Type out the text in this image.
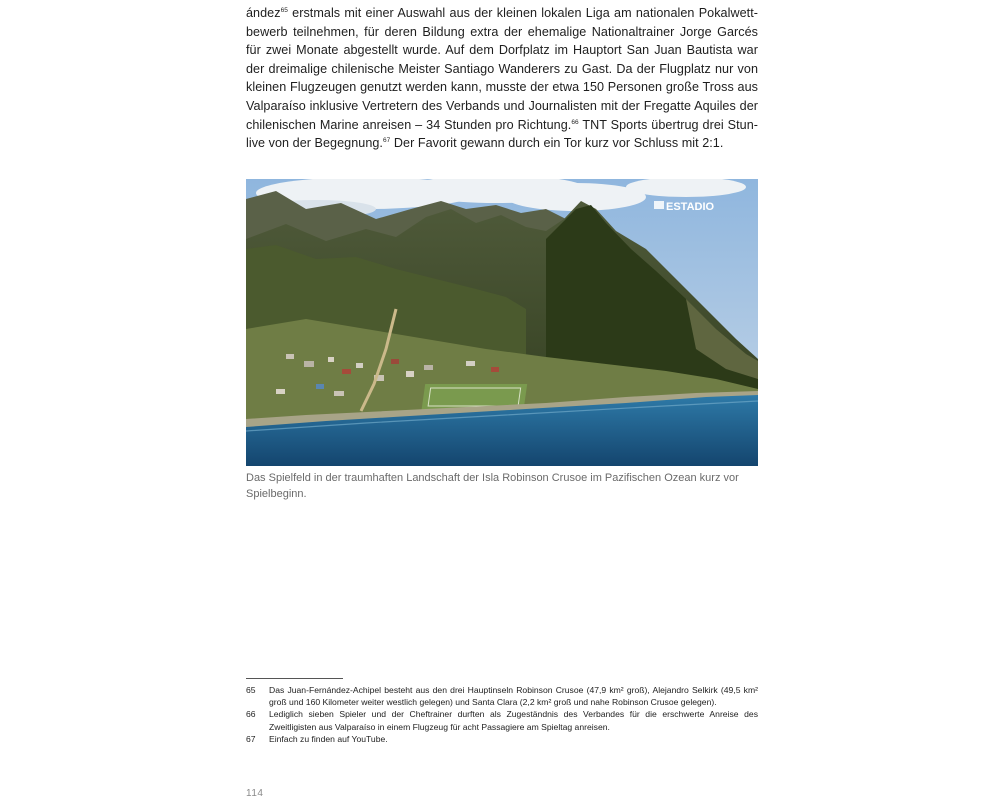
ández$^{65}$ erstmals mit einer Auswahl aus der kleinen lokalen Liga am nationalen Pokalwett-
bewerb teilnehmen, für deren Bildung extra der ehemalige Nationaltrainer Jorge Garcés
für zwei Monate abgestellt wurde. Auf dem Dorfplatz im Hauptort San Juan Bautista war
der dreimalige chilenische Meister Santiago Wanderers zu Gast. Da der Flugplatz nur von
kleinen Flugzeugen genutzt werden kann, musste der etwa 150 Personen große Tross aus
Valparaíso inklusive Vertretern des Verbands und Journalisten mit der Fregatte Aquiles der
chilenischen Marine anreisen – 34 Stunden pro Richtung.$^{66}$ TNT Sports übertrug drei Stun-
live von der Begegnung.$^{67}$ Der Favorit gewann durch ein Tor kurz vor Schluss mit 2:1.
ESTADIO
Das Spielfeld in der traumhaften Landschaft der Isla Robinson Crusoe im Pazifischen Ozean kurz vor Spielbeginn.
65	Das Juan-Fernández-Achipel besteht aus den drei Hauptinseln Robinson Crusoe (47,9 km² groß), Alejandro Selkirk (49,5 km² groß und 160 Kilometer weiter westlich gelegen) und Santa Clara (2,2 km² groß und nahe Robinson Crusoe gelegen).
66	Lediglich sieben Spieler und der Cheftrainer durften als Zugeständnis des Verbandes für die erschwerte Anreise des Zweitligisten aus Valparaíso in einem Flugzeug für acht Passagiere am Spieltag anreisen.
67	Einfach zu finden auf YouTube.
114
